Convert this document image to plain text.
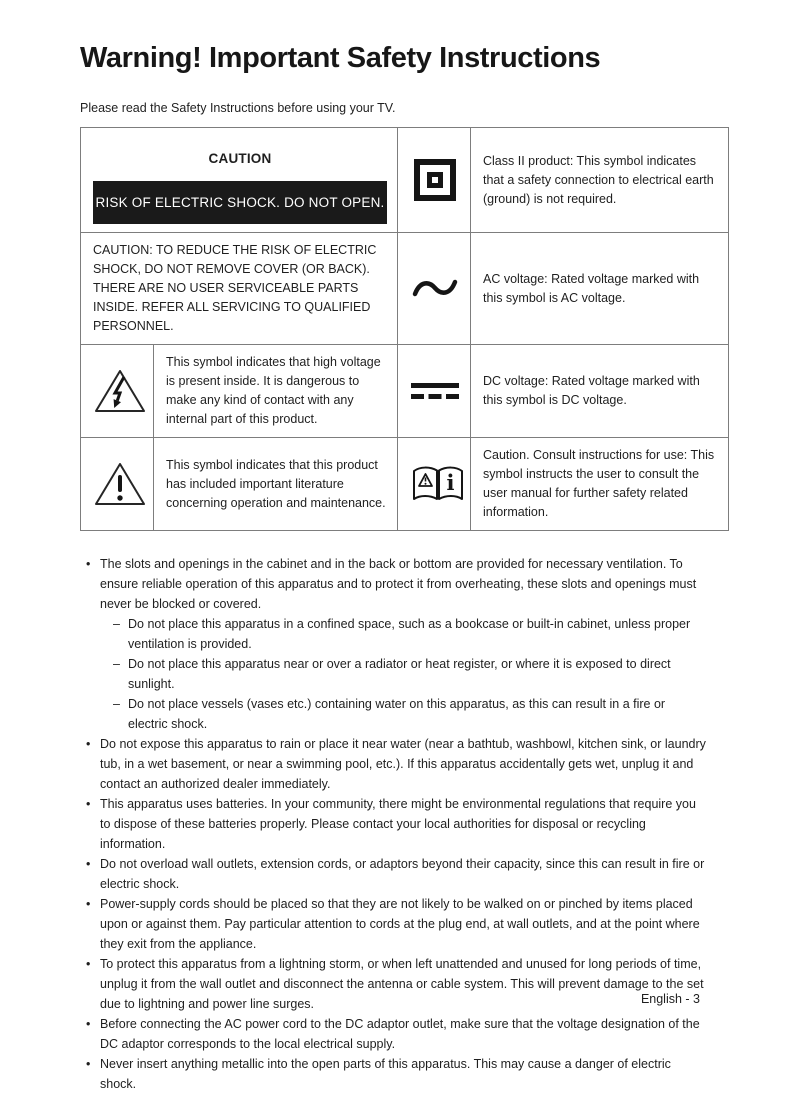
Warning! Important Safety Instructions
Please read the Safety Instructions before using your TV.
CAUTION
RISK OF ELECTRIC SHOCK. DO NOT OPEN.			Class II product: This symbol indicates that a safety connection to electrical earth (ground) is not required.
CAUTION: TO REDUCE THE RISK OF ELECTRIC SHOCK, DO NOT REMOVE COVER (OR BACK). THERE ARE NO USER SERVICEABLE PARTS INSIDE. REFER ALL SERVICING TO QUALIFIED PERSONNEL.			AC voltage: Rated voltage marked with this symbol is AC voltage.
	This symbol indicates that high voltage is present inside. It is dangerous to make any kind of contact with any internal part of this product.		DC voltage: Rated voltage marked with this symbol is DC voltage.
	This symbol indicates that this product has included important literature concerning operation and maintenance.	i	Caution. Consult instructions for use: This symbol instructs the user to consult the user manual for further safety related information.
• The slots and openings in the cabinet and in the back or bottom are provided for necessary ventilation. To ensure reliable operation of this apparatus and to protect it from overheating, these slots and openings must never be blocked or covered.
– Do not place this apparatus in a confined space, such as a bookcase or built-in cabinet, unless proper ventilation is provided.
– Do not place this apparatus near or over a radiator or heat register, or where it is exposed to direct sunlight.
– Do not place vessels (vases etc.) containing water on this apparatus, as this can result in a fire or electric shock.
• Do not expose this apparatus to rain or place it near water (near a bathtub, washbowl, kitchen sink, or laundry tub, in a wet basement, or near a swimming pool, etc.). If this apparatus accidentally gets wet, unplug it and contact an authorized dealer immediately.
• This apparatus uses batteries. In your community, there might be environmental regulations that require you to dispose of these batteries properly. Please contact your local authorities for disposal or recycling information.
• Do not overload wall outlets, extension cords, or adaptors beyond their capacity, since this can result in fire or electric shock.
• Power-supply cords should be placed so that they are not likely to be walked on or pinched by items placed upon or against them. Pay particular attention to cords at the plug end, at wall outlets, and at the point where they exit from the appliance.
• To protect this apparatus from a lightning storm, or when left unattended and unused for long periods of time, unplug it from the wall outlet and disconnect the antenna or cable system. This will prevent damage to the set due to lightning and power line surges.
• Before connecting the AC power cord to the DC adaptor outlet, make sure that the voltage designation of the DC adaptor corresponds to the local electrical supply.
• Never insert anything metallic into the open parts of this apparatus. This may cause a danger of electric shock.
English - 3
